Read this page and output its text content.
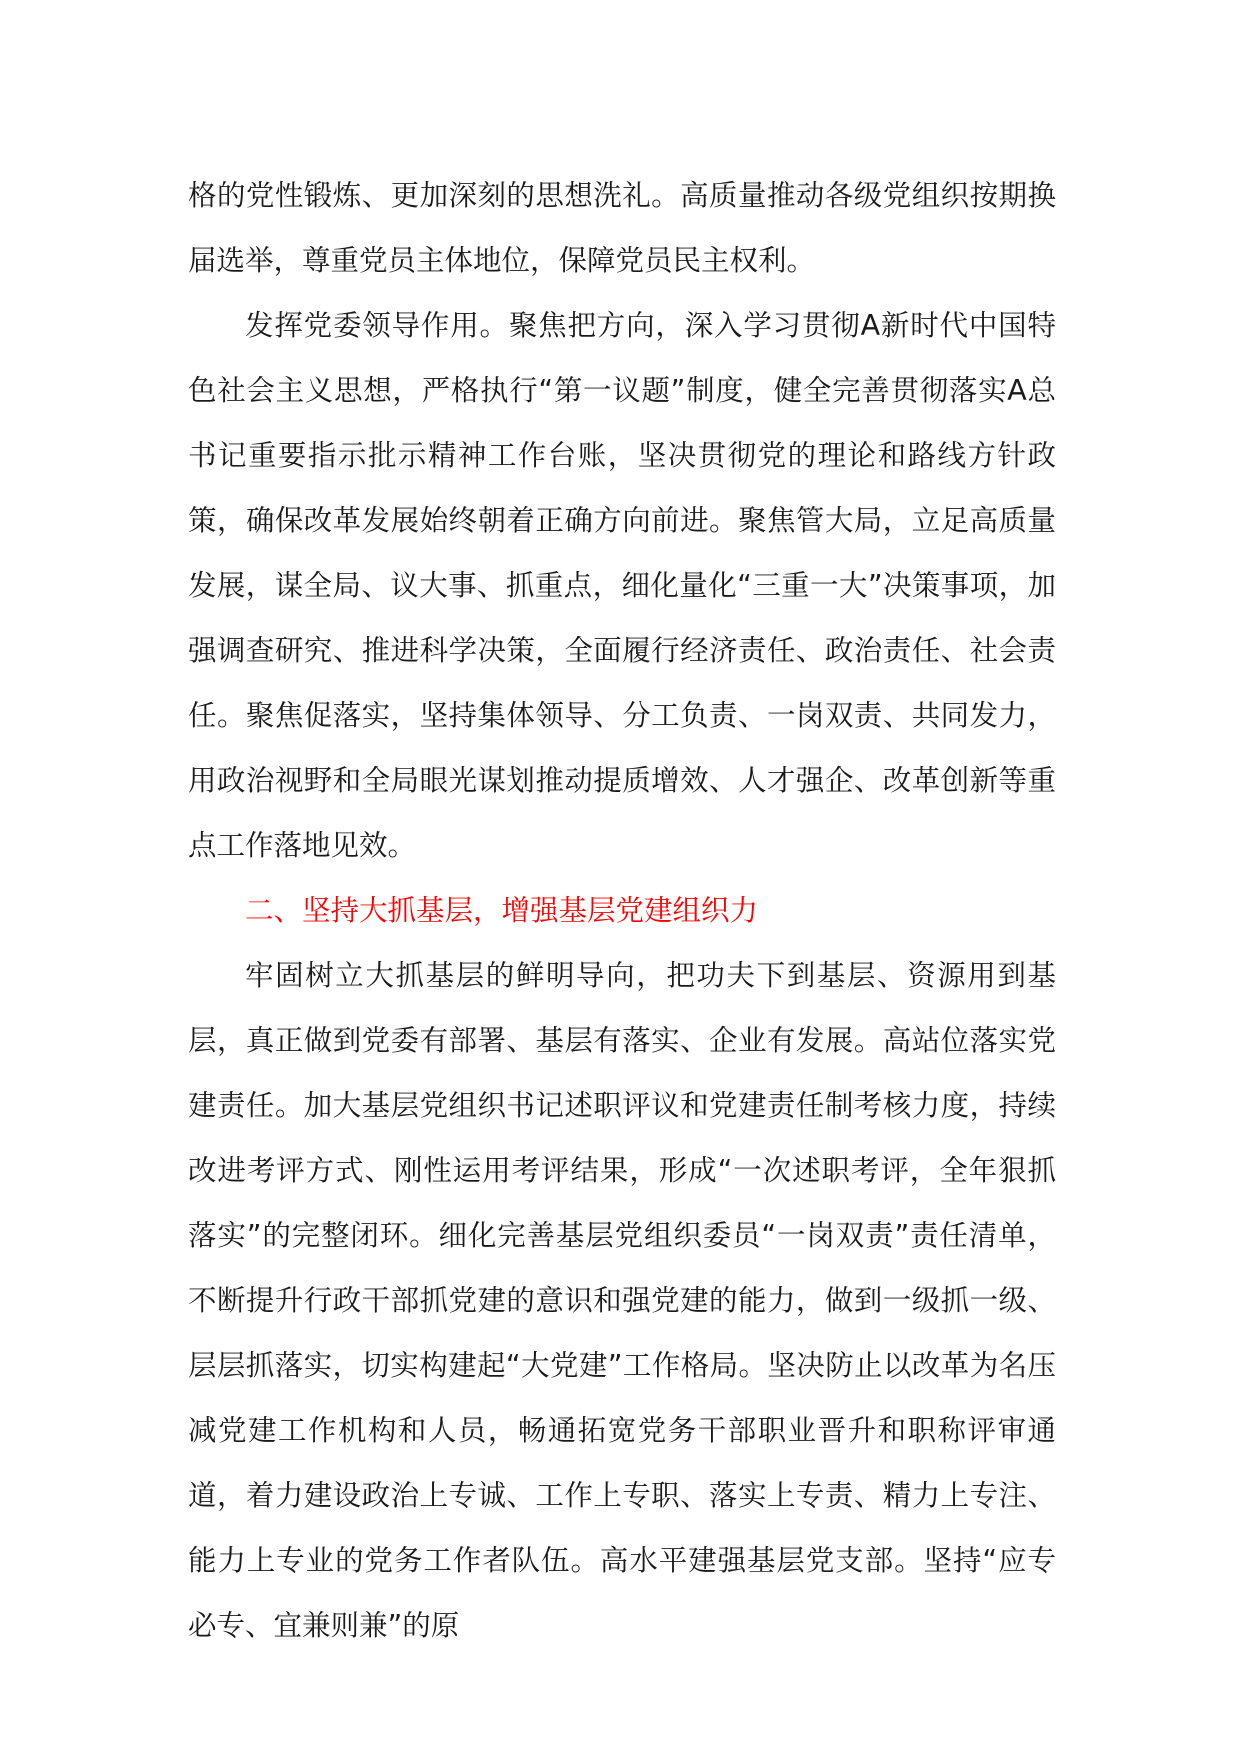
格的党性锻炼、更加深刻的思想洗礼。高质量推动各级党组织按期换届选举，尊重党员主体地位，保障党员民主权利。

发挥党委领导作用。聚焦把方向，深入学习贯彻A新时代中国特色社会主义思想，严格执行“第一议题”制度，健全完善贯彻落实A总书记重要指示批示精神工作台账，坚决贯彻党的理论和路线方针政策，确保改革发展始终朝着正确方向前进。聚焦管大局，立足高质量发展，谋全局、议大事、抓重点，细化量化“三重一大”决策事项，加强调查研究、推进科学决策，全面履行经济责任、政治责任、社会责任。聚焦促落实，坚持集体领导、分工负责、一岗双责、共同发力，用政治视野和全局眼光谋划推动提质增效、人才强企、改革创新等重点工作落地见效。

二、坚持大抓基层，增强基层党建组织力

牢固树立大抓基层的鲜明导向，把功夫下到基层、资源用到基层，真正做到党委有部署、基层有落实、企业有发展。高站位落实党建责任。加大基层党组织书记述职评议和党建责任制考核力度，持续改进考评方式、刚性运用考评结果，形成“一次述职考评，全年狠抓落实”的完整闭环。细化完善基层党组织委员“一岗双责”责任清单，不断提升行政干部抓党建的意识和强党建的能力，做到一级抓一级、层层抓落实，切实构建起“大党建”工作格局。坚决防止以改革为名压减党建工作机构和人员，畅通拓宽党务干部职业晋升和职称评审通道，着力建设政治上专诚、工作上专职、落实上专责、精力上专注、能力上专业的党务工作者队伍。高水平建强基层党支部。坚持“应专必专、宜兼则兼”的原
